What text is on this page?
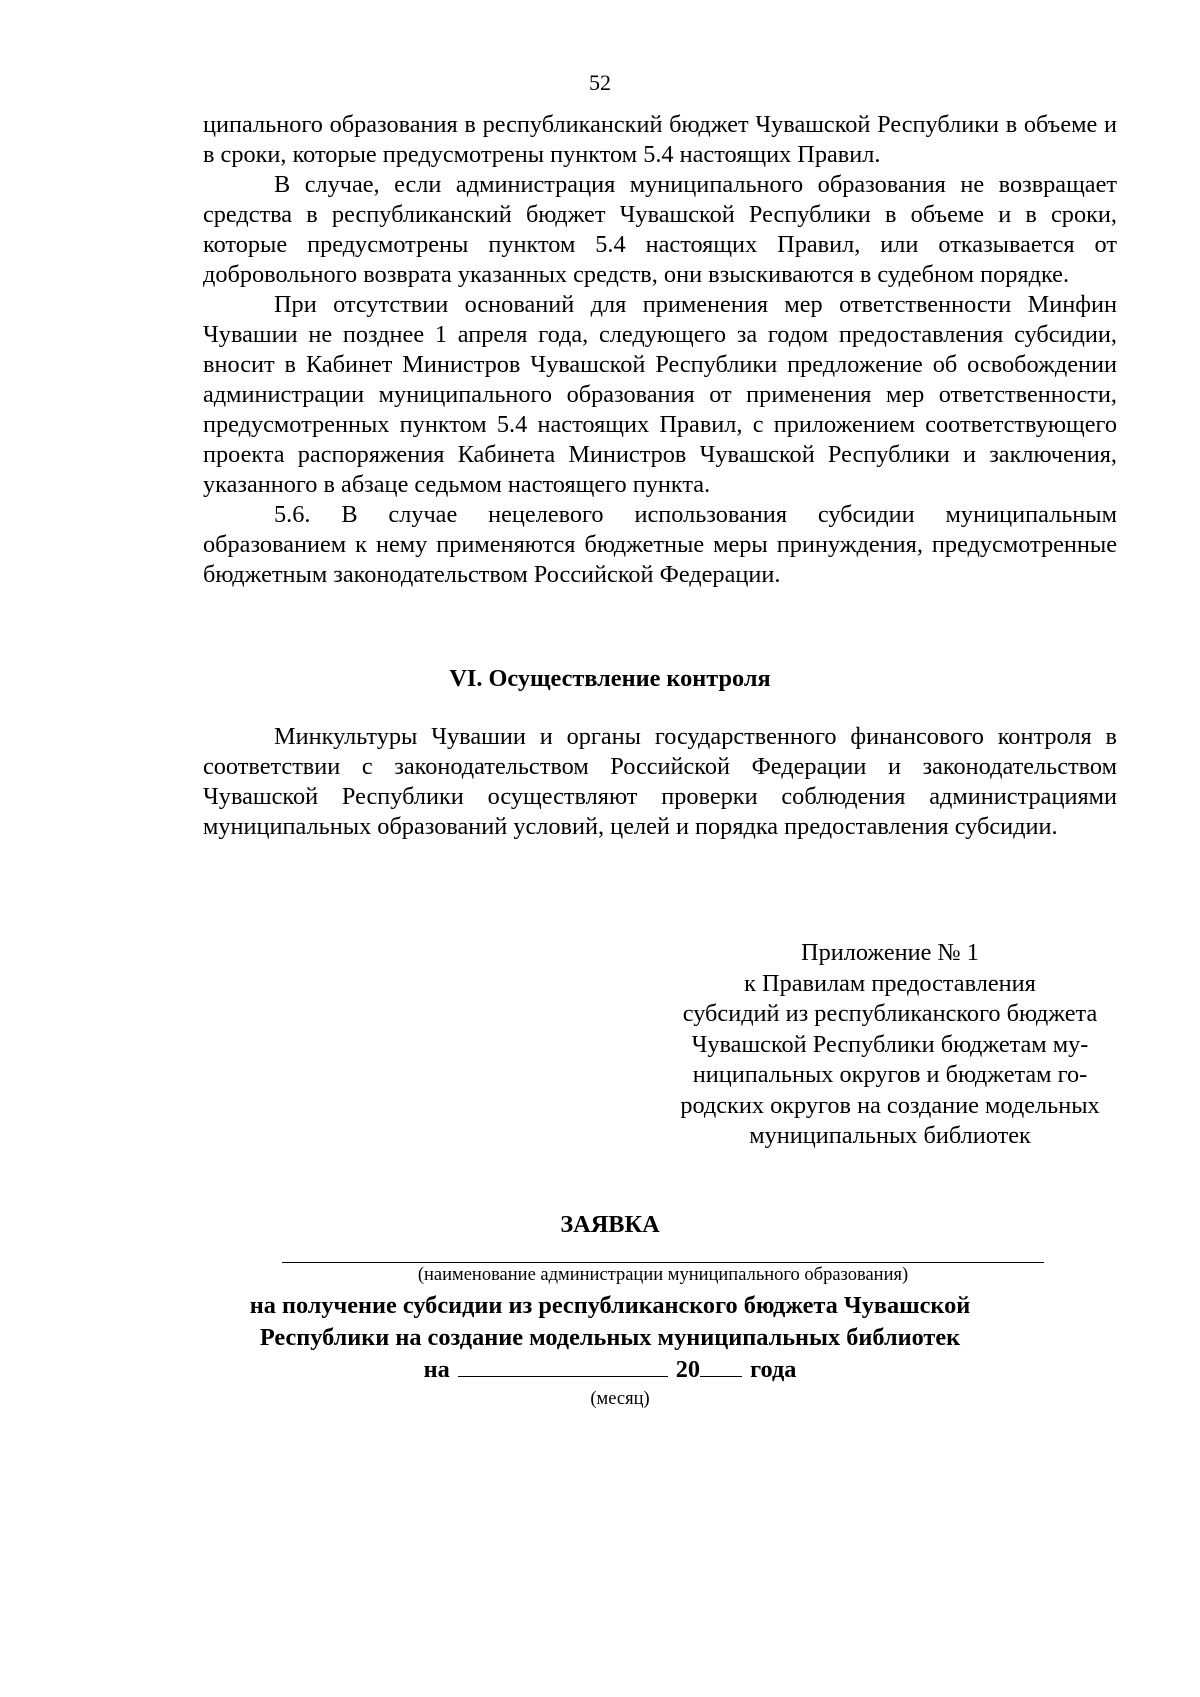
52

ципального образования в республиканский бюджет Чувашской Республики в объеме и в сроки, которые предусмотрены пунктом 5.4 настоящих Правил.

В случае, если администрация муниципального образования не возвращает средства в республиканский бюджет Чувашской Республики в объеме и в сроки, которые предусмотрены пунктом 5.4 настоящих Правил, или отказывается от добровольного возврата указанных средств, они взыскиваются в судебном порядке.

При отсутствии оснований для применения мер ответственности Минфин Чувашии не позднее 1 апреля года, следующего за годом предоставления субсидии, вносит в Кабинет Министров Чувашской Республики предложение об освобождении администрации муниципального образования от применения мер ответственности, предусмотренных пунктом 5.4 настоящих Правил, с приложением соответствующего проекта распоряжения Кабинета Министров Чувашской Республики и заключения, указанного в абзаце седьмом настоящего пункта.

5.6. В случае нецелевого использования субсидии муниципальным образованием к нему применяются бюджетные меры принуждения, предусмотренные бюджетным законодательством Российской Федерации.

VI. Осуществление контроля

Минкультуры Чувашии и органы государственного финансового контроля в соответствии с законодательством Российской Федерации и законодательством Чувашской Республики осуществляют проверки соблюдения администрациями муниципальных образований условий, целей и порядка предоставления субсидии.

Приложение № 1
к Правилам предоставления
субсидий из республиканского бюджета
Чувашской Республики бюджетам му-
ниципальных округов и бюджетам го-
родских округов на создание модельных
муниципальных библиотек
ЗАЯВКА
(наименование администрации муниципального образования)
на получение субсидии из республиканского бюджета Чувашской
Республики на создание модельных муниципальных библиотек
на	20 года
(месяц)
